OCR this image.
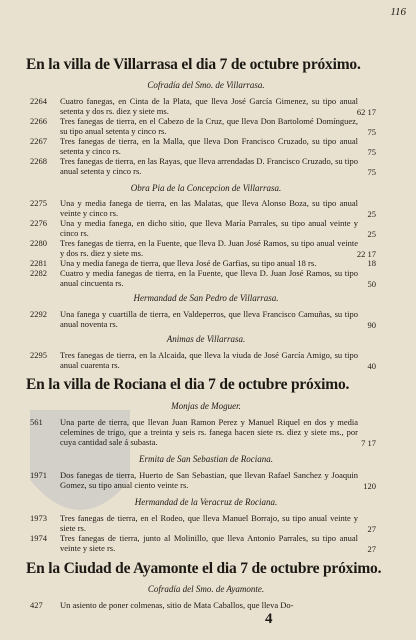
116
En la villa de Villarrasa el dia 7 de octubre próximo.
Cofradía del Smo. de Villarrasa.
2264	Cuatro fanegas, en Cinta de la Plata, que lleva José García Gimenez, su tipo anual setenta y dos rs. diez y siete ms.	62 17
2266	Tres fanegas de tierra, en el Cabezo de la Cruz, que lleva Don Bartolomé Domínguez, su tipo anual setenta y cinco rs.	75
2267	Tres fanegas de tierra, en la Malla, que lleva Don Francisco Cruzado, su tipo anual setenta y cinco rs.	75
2268	Tres fanegas de tierra, en las Rayas, que lleva arrendadas D. Francisco Cruzado, su tipo anual setenta y cinco rs.	75
Obra Pia de la Concepcion de Villarrasa.
2275	Una y media fanega de tierra, en las Malatas, que lleva Alonso Boza, su tipo anual veinte y cinco rs.	25
2276	Una y media fanega, en dicho sitio, que lleva María Parrales, su tipo anual veinte y cinco rs.	25
2280	Tres fanegas de tierra, en la Fuente, que lleva D. Juan José Ramos, su tipo anual veinte y dos rs. diez y siete ms.	22 17
2281	Una y media fanega de tierra, que lleva José de Garfias, su tipo anual 18 rs.	18
2282	Cuatro y media fanegas de tierra, en la Fuente, que lleva D. Juan José Ramos, su tipo anual cincuenta rs.	50
Hermandad de San Pedro de Villarrasa.
2292	Una fanega y cuartilla de tierra, en Valdeperros, que lleva Francisco Camuñas, su tipo anual noventa rs.	90
Animas de Villarrasa.
2295	Tres fanegas de tierra, en la Alcaida, que lleva la viuda de José García Amigo, su tipo anual cuarenta rs.	40
En la villa de Rociana el dia 7 de octubre próximo.
Monjas de Moguer.
561	Una parte de tierra, que llevan Juan Ramon Perez y Manuel Riquel en dos y media celemines de trigo, que a treinta y seis rs. fanega hacen siete rs. diez y siete ms., por cuya cantidad sale á subasta.	7 17
Ermita de San Sebastian de Rociana.
1971	Dos fanegas de tierra, Huerto de San Sebastian, que llevan Rafael Sanchez y Joaquin Gomez, su tipo anual ciento veinte rs.	120
Hermandad de la Veracruz de Rociana.
1973	Tres fanegas de tierra, en el Rodeo, que lleva Manuel Borrajo, su tipo anual veinte y siete rs.	27
1974	Tres fanegas de tierra, junto al Molinillo, que lleva Antonio Parrales, su tipo anual veinte y siete rs.	27
En la Ciudad de Ayamonte el dia 7 de octubre próximo.
Cofradía del Smo. de Ayamonte.
427	Un asiento de poner colmenas, sitio de Mata Caballos, que lleva Do-
4
